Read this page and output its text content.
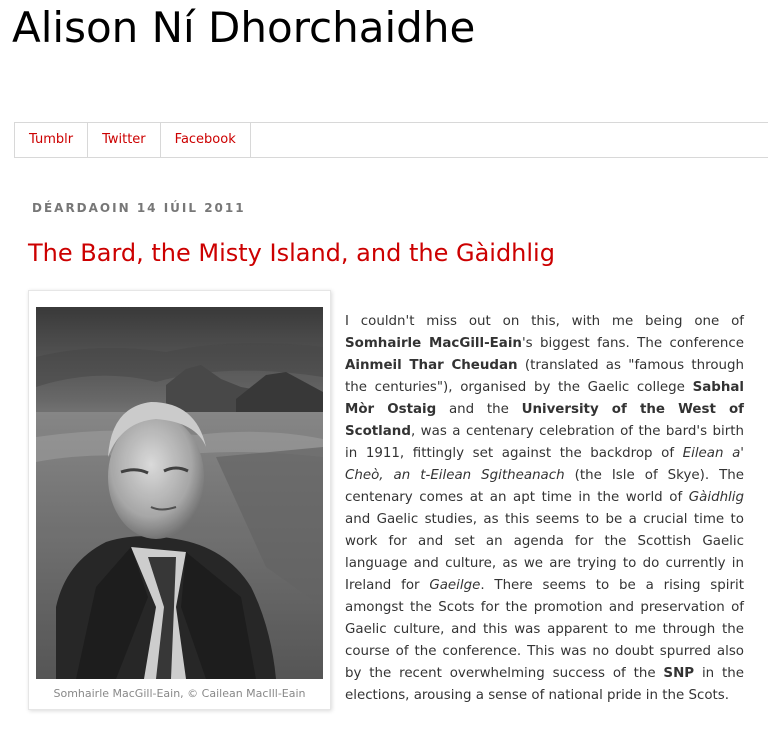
Alison Ní Dhorchaidhe
Tumblr	Twitter	Facebook
DÉARDAOIN 14 IÚIL 2011
The Bard, the Misty Island, and the Gàidhlig
Somhairle MacGill-Eain, © Cailean MacIll-Eain

I couldn't miss out on this, with me being one of Somhairle MacGill-Eain's biggest fans. The conference Ainmeil Thar Cheudan (translated as "famous through the centuries"), organised by the Gaelic college Sabhal Mòr Ostaig and the University of the West of Scotland, was a centenary celebration of the bard's birth in 1911, fittingly set against the backdrop of Eilean a' Cheò, an t-Eilean Sgitheanach (the Isle of Skye). The centenary comes at an apt time in the world of Gàidhlig and Gaelic studies, as this seems to be a crucial time to work for and set an agenda for the Scottish Gaelic language and culture, as we are trying to do currently in Ireland for Gaeilge. There seems to be a rising spirit amongst the Scots for the promotion and preservation of Gaelic culture, and this was apparent to me through the course of the conference. This was no doubt spurred also by the recent overwhelming success of the SNP in the elections, arousing a sense of national pride in the Scots.
